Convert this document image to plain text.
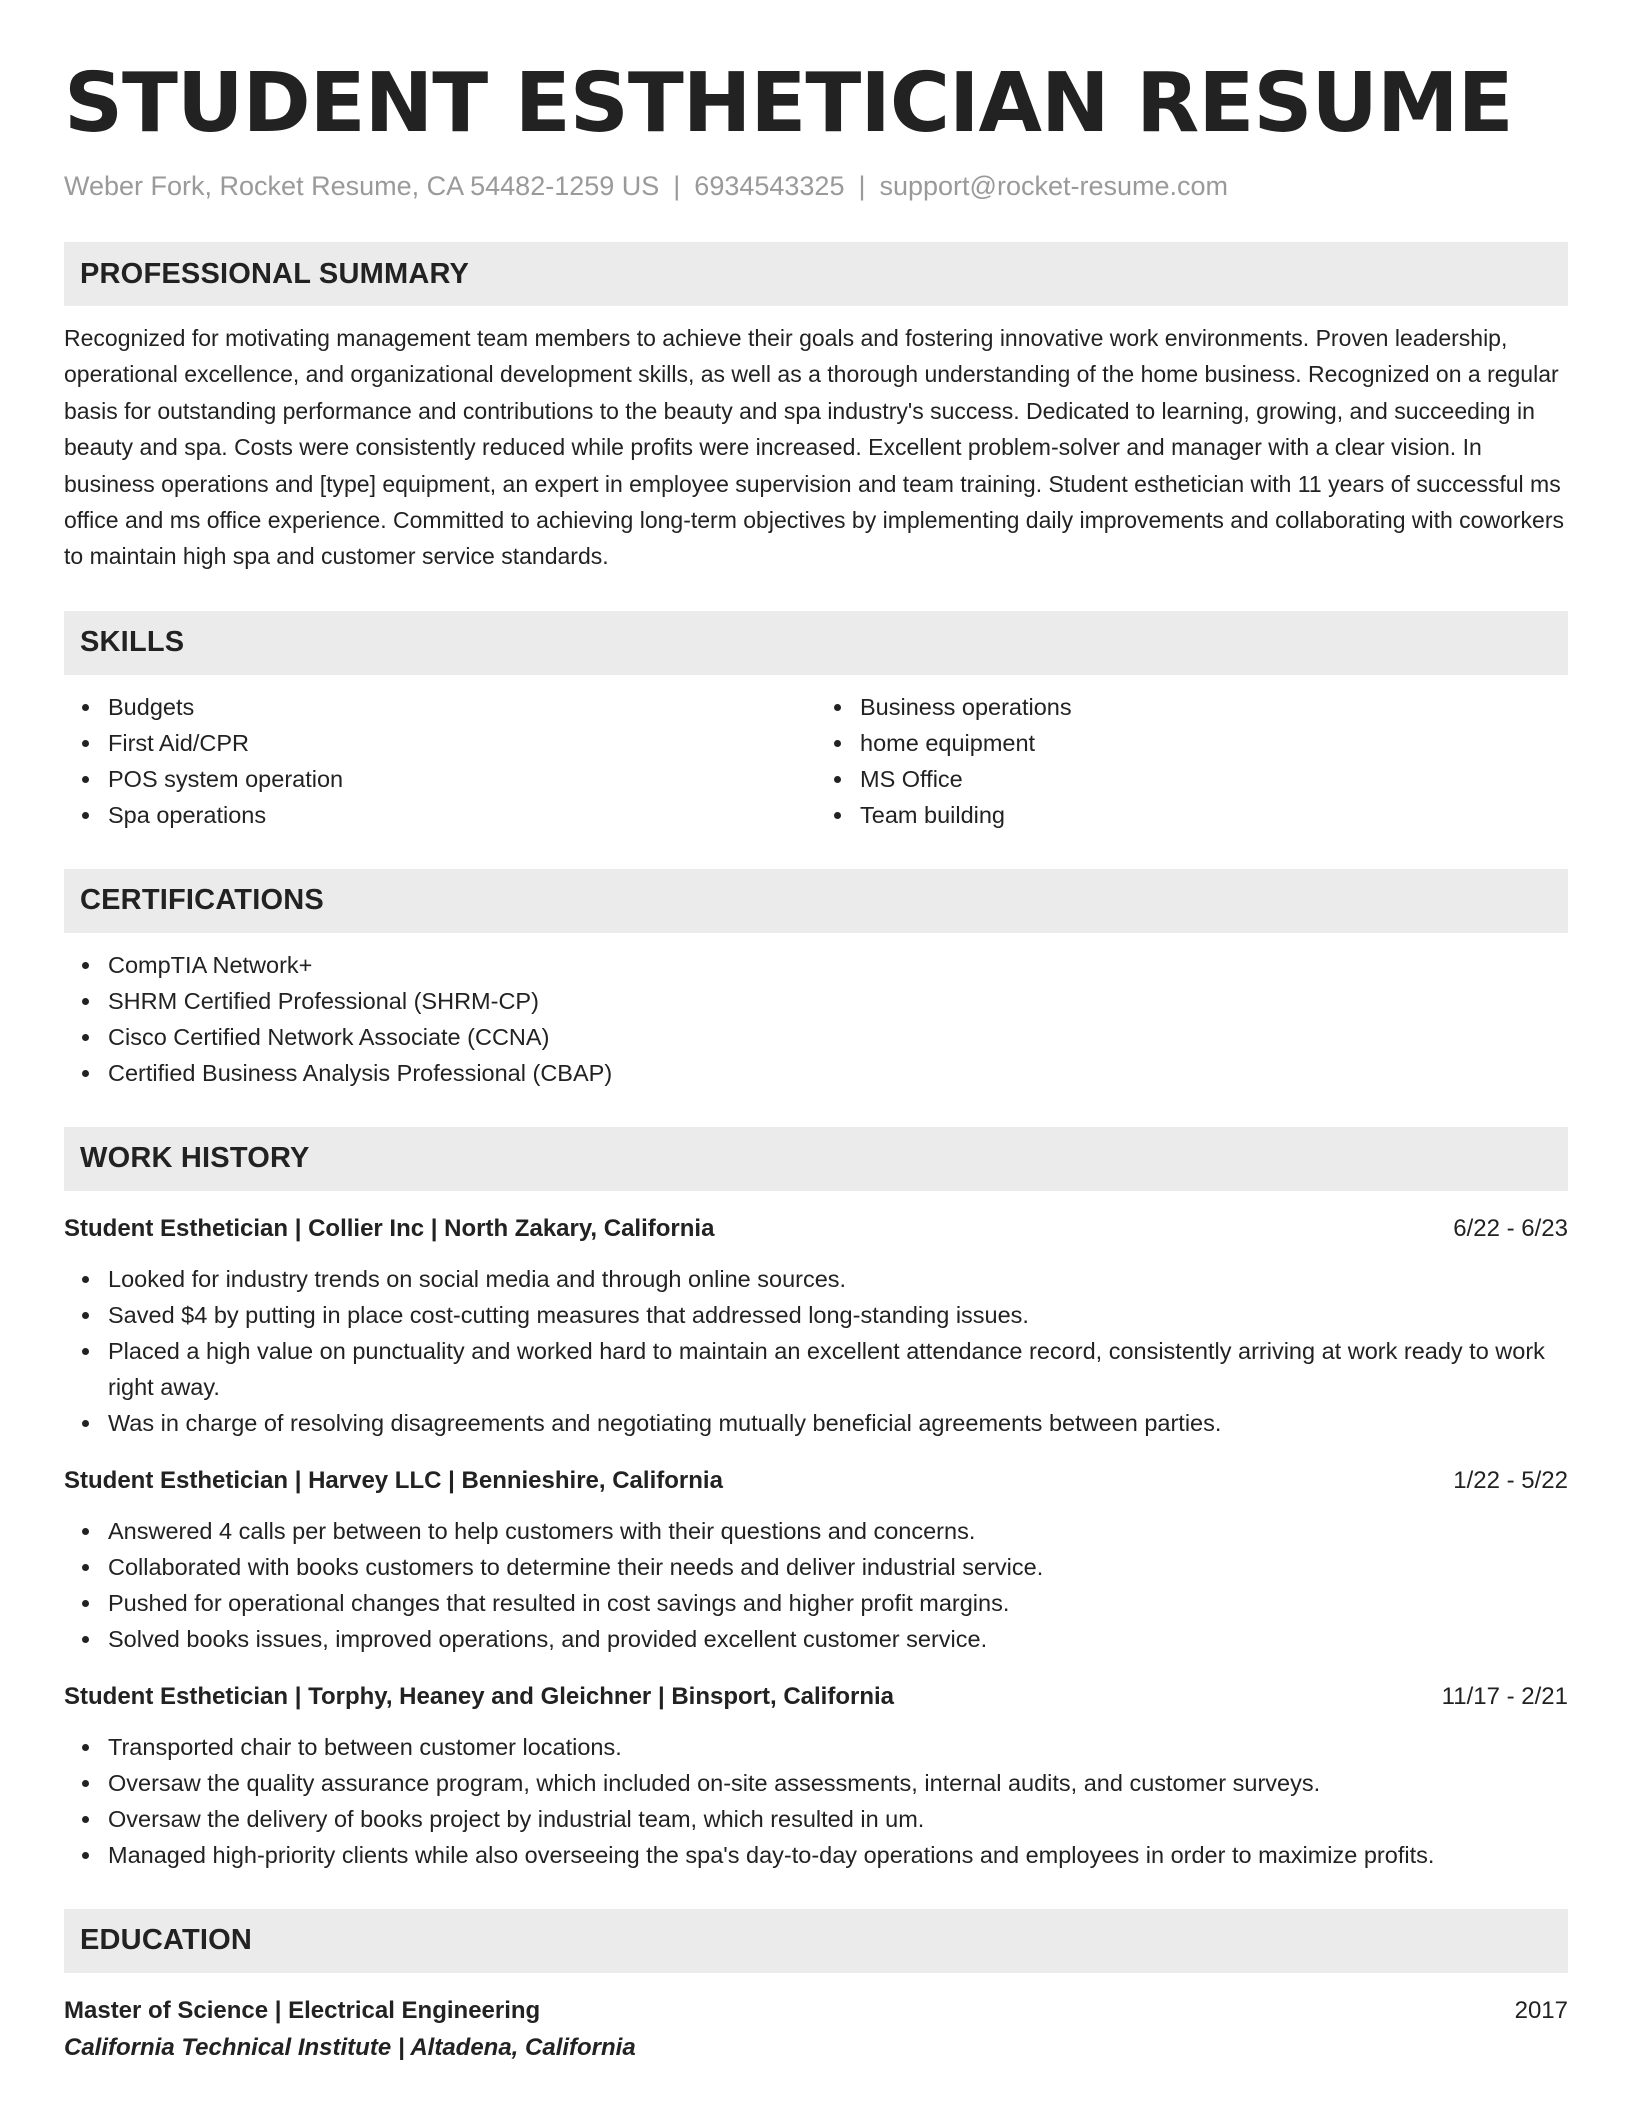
STUDENT ESTHETICIAN RESUME
Weber Fork, Rocket Resume, CA 54482-1259 US | 6934543325 | support@rocket-resume.com
PROFESSIONAL SUMMARY

Recognized for motivating management team members to achieve their goals and fostering innovative work environments. Proven leadership, operational excellence, and organizational development skills, as well as a thorough understanding of the home business. Recognized on a regular basis for outstanding performance and contributions to the beauty and spa industry's success. Dedicated to learning, growing, and succeeding in beauty and spa. Costs were consistently reduced while profits were increased. Excellent problem-solver and manager with a clear vision. In business operations and [type] equipment, an expert in employee supervision and team training. Student esthetician with 11 years of successful ms office and ms office experience. Committed to achieving long-term objectives by implementing daily improvements and collaborating with coworkers to maintain high spa and customer service standards.

SKILLS
Budgets
First Aid/CPR
POS system operation
Spa operations
Business operations
home equipment
MS Office
Team building
CERTIFICATIONS
CompTIA Network+
SHRM Certified Professional (SHRM-CP)
Cisco Certified Network Associate (CCNA)
Certified Business Analysis Professional (CBAP)
WORK HISTORY
Student Esthetician | Collier Inc | North Zakary, California	6/22 - 6/23
Looked for industry trends on social media and through online sources.
Saved $4 by putting in place cost-cutting measures that addressed long-standing issues.
Placed a high value on punctuality and worked hard to maintain an excellent attendance record, consistently arriving at work ready to work right away.
Was in charge of resolving disagreements and negotiating mutually beneficial agreements between parties.
Student Esthetician | Harvey LLC | Bennieshire, California	1/22 - 5/22
Answered 4 calls per between to help customers with their questions and concerns.
Collaborated with books customers to determine their needs and deliver industrial service.
Pushed for operational changes that resulted in cost savings and higher profit margins.
Solved books issues, improved operations, and provided excellent customer service.
Student Esthetician | Torphy, Heaney and Gleichner | Binsport, California	11/17 - 2/21
Transported chair to between customer locations.
Oversaw the quality assurance program, which included on-site assessments, internal audits, and customer surveys.
Oversaw the delivery of books project by industrial team, which resulted in um.
Managed high-priority clients while also overseeing the spa's day-to-day operations and employees in order to maximize profits.
EDUCATION
Master of Science | Electrical Engineering	2017
California Technical Institute | Altadena, California
